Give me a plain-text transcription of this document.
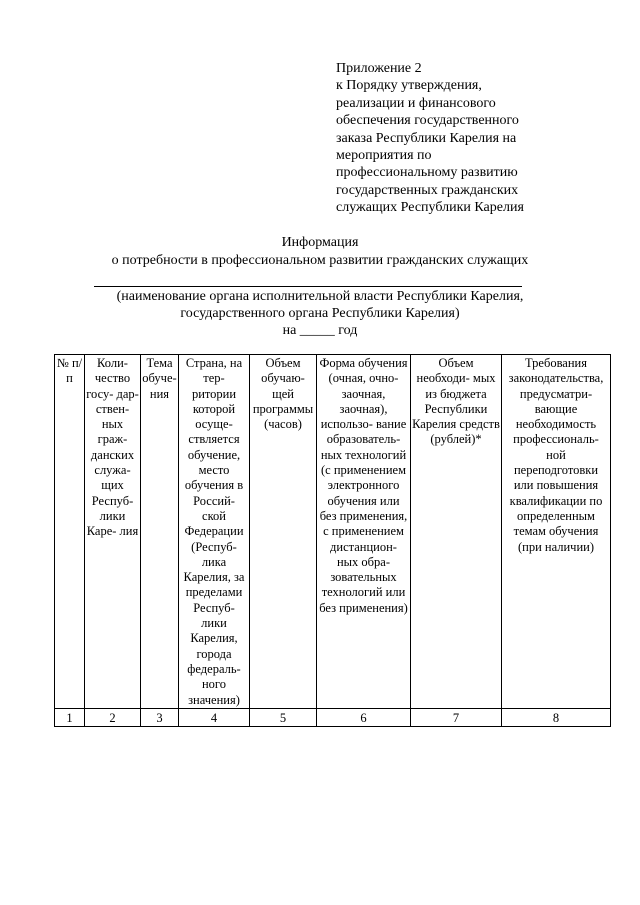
Приложение 2
к Порядку утверждения,
реализации и финансового
обеспечения государственного
заказа Республики Карелия на
мероприятия по
профессиональному развитию
государственных гражданских
служащих Республики Карелия
Информация
о потребности в профессиональном развитии гражданских служащих
(наименование органа исполнительной власти Республики Карелия,
государственного органа Республики Карелия)
на _____ год
№ п/п	Коли- чество госу- дар- ствен- ных граж- данских служа- щих Респуб- лики Каре- лия	Тема обуче- ния	Страна, на тер- ритории которой осуще- ствляется обучение, место обучения в Россий- ской Федерации (Респуб- лика Карелия, за пределами Респуб- лики Карелия, города федераль- ного значения)	Объем обучаю- щей программы (часов)	Форма обучения (очная, очно- заочная, заочная), использо- вание образователь- ных технологий (с применением электронного обучения или без применения, с применением дистанцион- ных обра- зовательных технологий или без применения)	Объем необходи- мых из бюджета Республики Карелия средств (рублей)*	Требования законодательства, предусматри- вающие необходимость профессиональ- ной переподготовки или повышения квалификации по определенным темам обучения (при наличии)
1	2	3	4	5	6	7	8
